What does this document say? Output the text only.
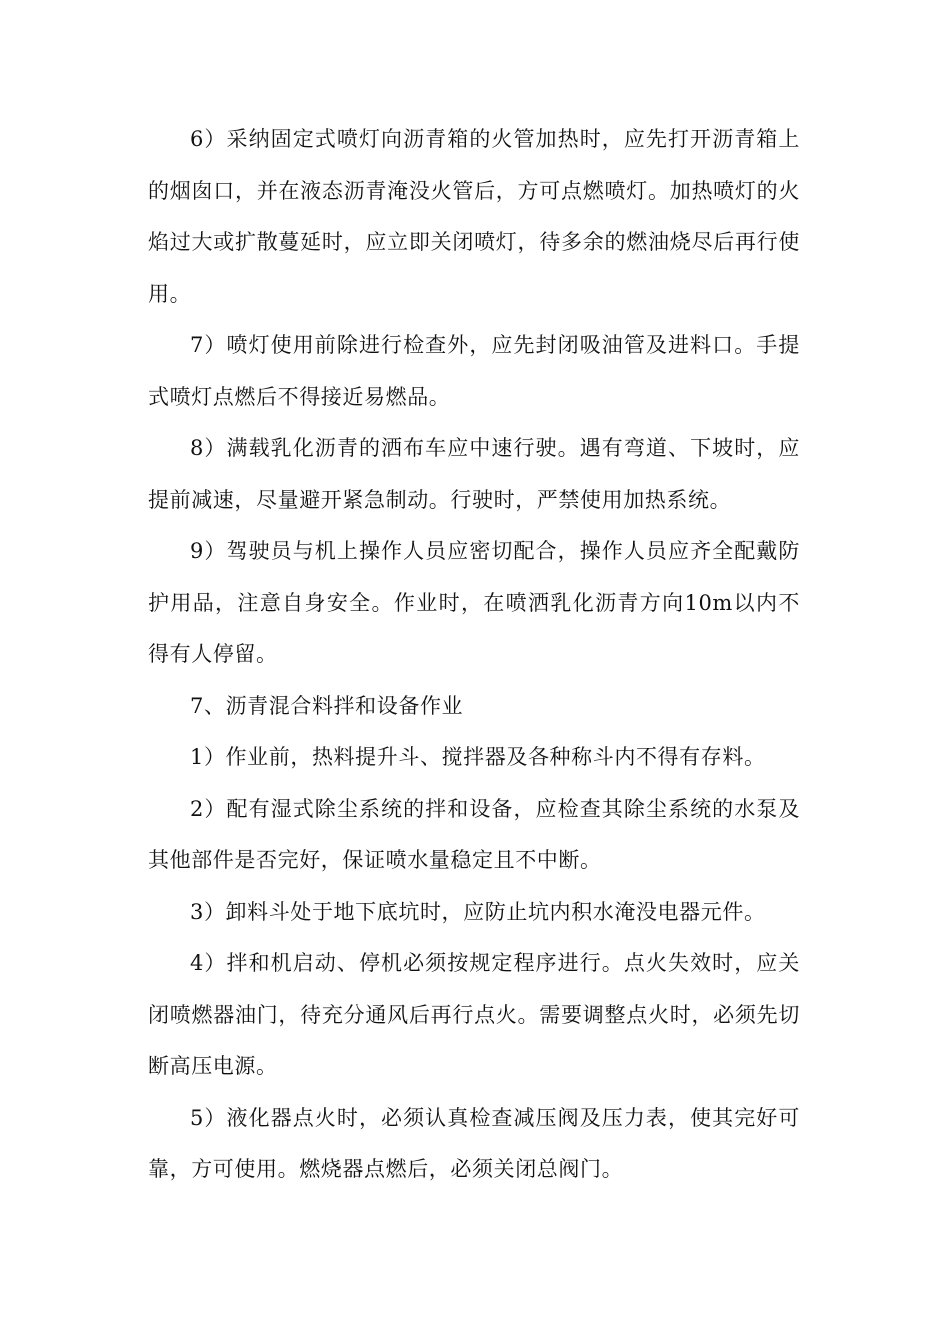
6）采纳固定式喷灯向沥青箱的火管加热时，应先打开沥青箱上的烟囱口，并在液态沥青淹没火管后，方可点燃喷灯。加热喷灯的火焰过大或扩散蔓延时，应立即关闭喷灯，待多余的燃油烧尽后再行使用。

7）喷灯使用前除进行检查外，应先封闭吸油管及进料口。手提式喷灯点燃后不得接近易燃品。

8）满载乳化沥青的洒布车应中速行驶。遇有弯道、下坡时，应提前减速，尽量避开紧急制动。行驶时，严禁使用加热系统。

9）驾驶员与机上操作人员应密切配合，操作人员应齐全配戴防护用品，注意自身安全。作业时，在喷洒乳化沥青方向10m以内不得有人停留。

7、沥青混合料拌和设备作业

1）作业前，热料提升斗、搅拌器及各种称斗内不得有存料。

2）配有湿式除尘系统的拌和设备，应检查其除尘系统的水泵及其他部件是否完好，保证喷水量稳定且不中断。

3）卸料斗处于地下底坑时，应防止坑内积水淹没电器元件。

4）拌和机启动、停机必须按规定程序进行。点火失效时，应关闭喷燃器油门，待充分通风后再行点火。需要调整点火时，必须先切断高压电源。

5）液化器点火时，必须认真检查减压阀及压力表，使其完好可靠，方可使用。燃烧器点燃后，必须关闭总阀门。
